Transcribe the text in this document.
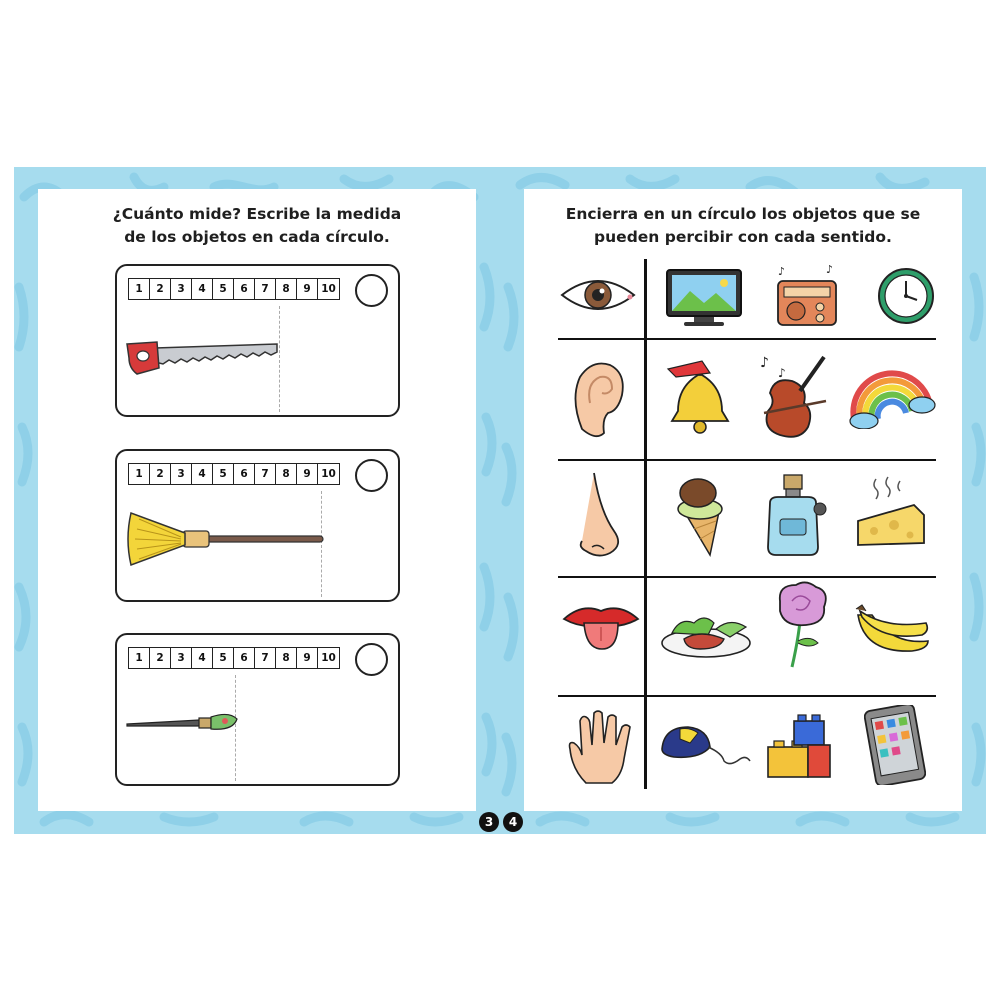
¿Cuánto mide? Escribe la medida
de los objetos en cada círculo.
1	2	3	4	5	6	7	8	9	10
1	2	3	4	5	6	7	8	9	10
1	2	3	4	5	6	7	8	9	10
Encierra en un círculo los objetos que se
pueden percibir con cada sentido.
♪	♪
♪
♪
3	4
